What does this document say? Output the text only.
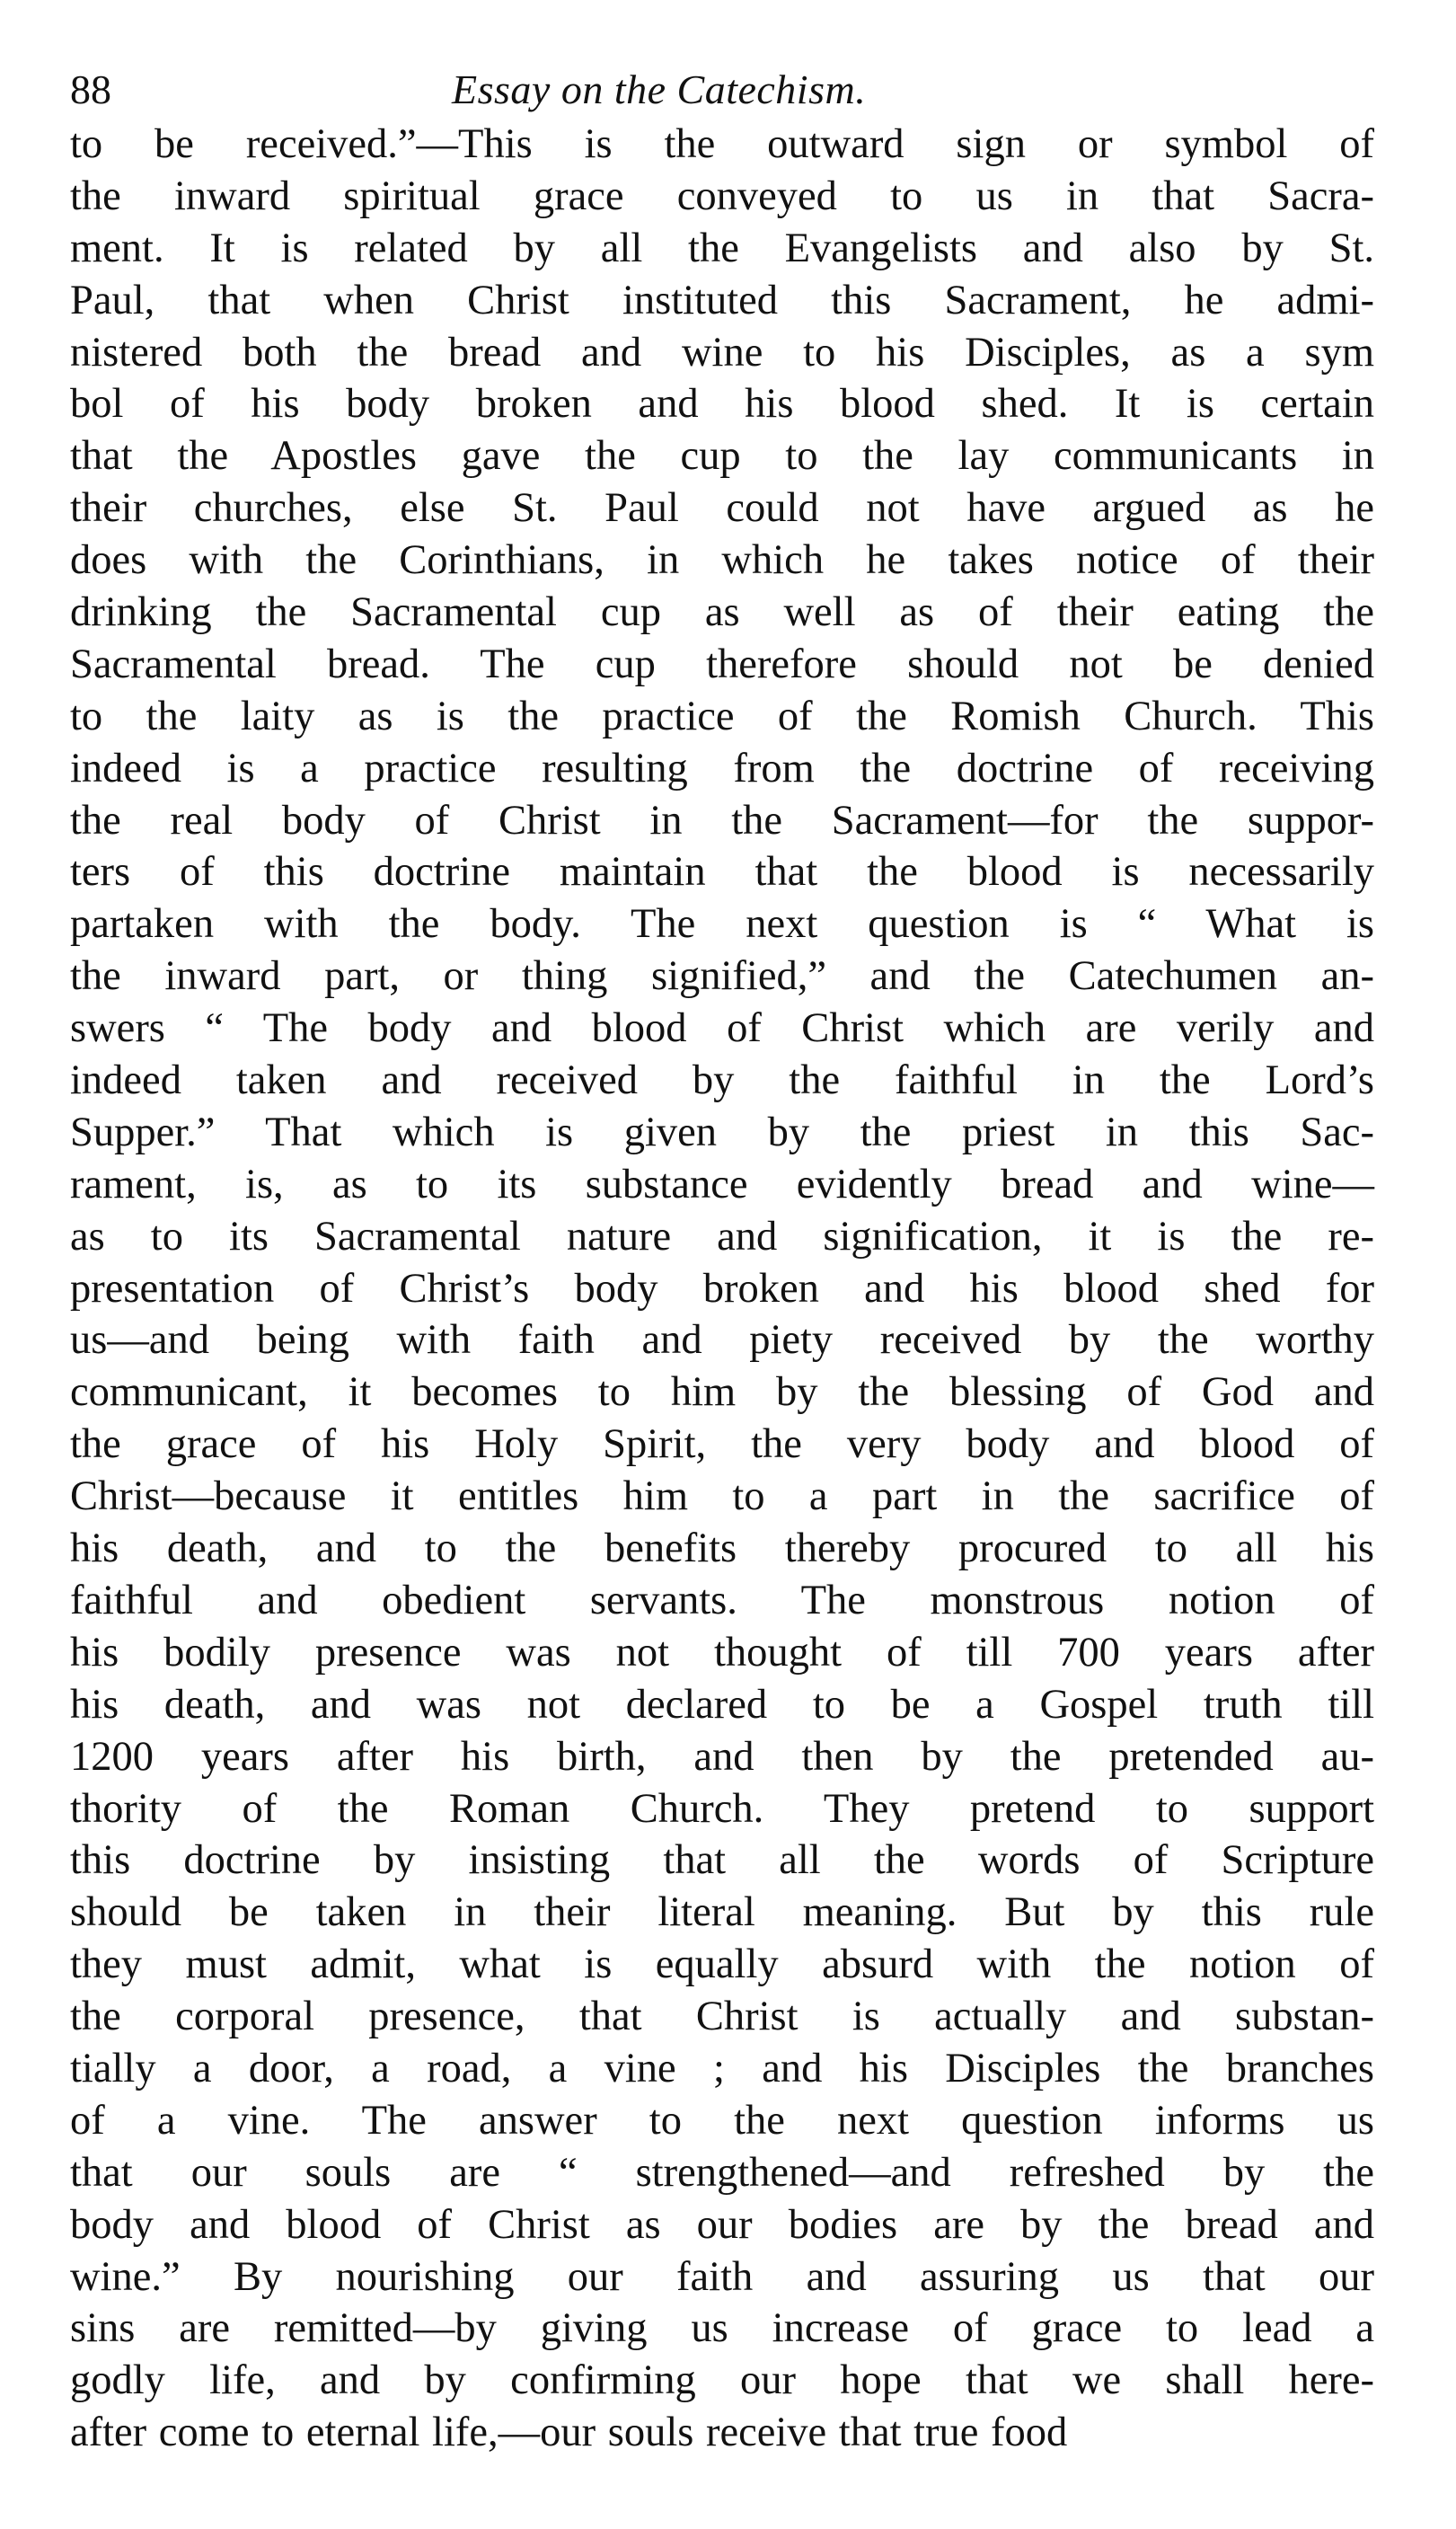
88	Essay on the Catechism.
to be received.”—This is the outward sign or symbol of
the inward spiritual grace conveyed to us in that Sacra-
ment. It is related by all the Evangelists and also by St.
Paul, that when Christ instituted this Sacrament, he admi-
nistered both the bread and wine to his Disciples, as a sym
bol of his body broken and his blood shed. It is certain
that the Apostles gave the cup to the lay communicants in
their churches, else St. Paul could not have argued as he
does with the Corinthians, in which he takes notice of their
drinking the Sacramental cup as well as of their eating the
Sacramental bread. The cup therefore should not be denied
to the laity as is the practice of the Romish Church. This
indeed is a practice resulting from the doctrine of receiving
the real body of Christ in the Sacrament—for the suppor-
ters of this doctrine maintain that the blood is necessarily
partaken with the body. The next question is “ What is
the inward part, or thing signified,” and the Catechumen an-
swers “ The body and blood of Christ which are verily and
indeed taken and received by the faithful in the Lord’s
Supper.” That which is given by the priest in this Sac-
rament, is, as to its substance evidently bread and wine—
as to its Sacramental nature and signification, it is the re-
presentation of Christ’s body broken and his blood shed for
us—and being with faith and piety received by the worthy
communicant, it becomes to him by the blessing of God and
the grace of his Holy Spirit, the very body and blood of
Christ—because it entitles him to a part in the sacrifice of
his death, and to the benefits thereby procured to all his
faithful and obedient servants. The monstrous notion of
his bodily presence was not thought of till 700 years after
his death, and was not declared to be a Gospel truth till
1200 years after his birth, and then by the pretended au-
thority of the Roman Church. They pretend to support
this doctrine by insisting that all the words of Scripture
should be taken in their literal meaning. But by this rule
they must admit, what is equally absurd with the notion of
the corporal presence, that Christ is actually and substan-
tially a door, a road, a vine ; and his Disciples the branches
of a vine. The answer to the next question informs us
that our souls are “ strengthened—and refreshed by the
body and blood of Christ as our bodies are by the bread and
wine.” By nourishing our faith and assuring us that our
sins are remitted—by giving us increase of grace to lead a
godly life, and by confirming our hope that we shall here-
after come to eternal life,—our souls receive that true food
